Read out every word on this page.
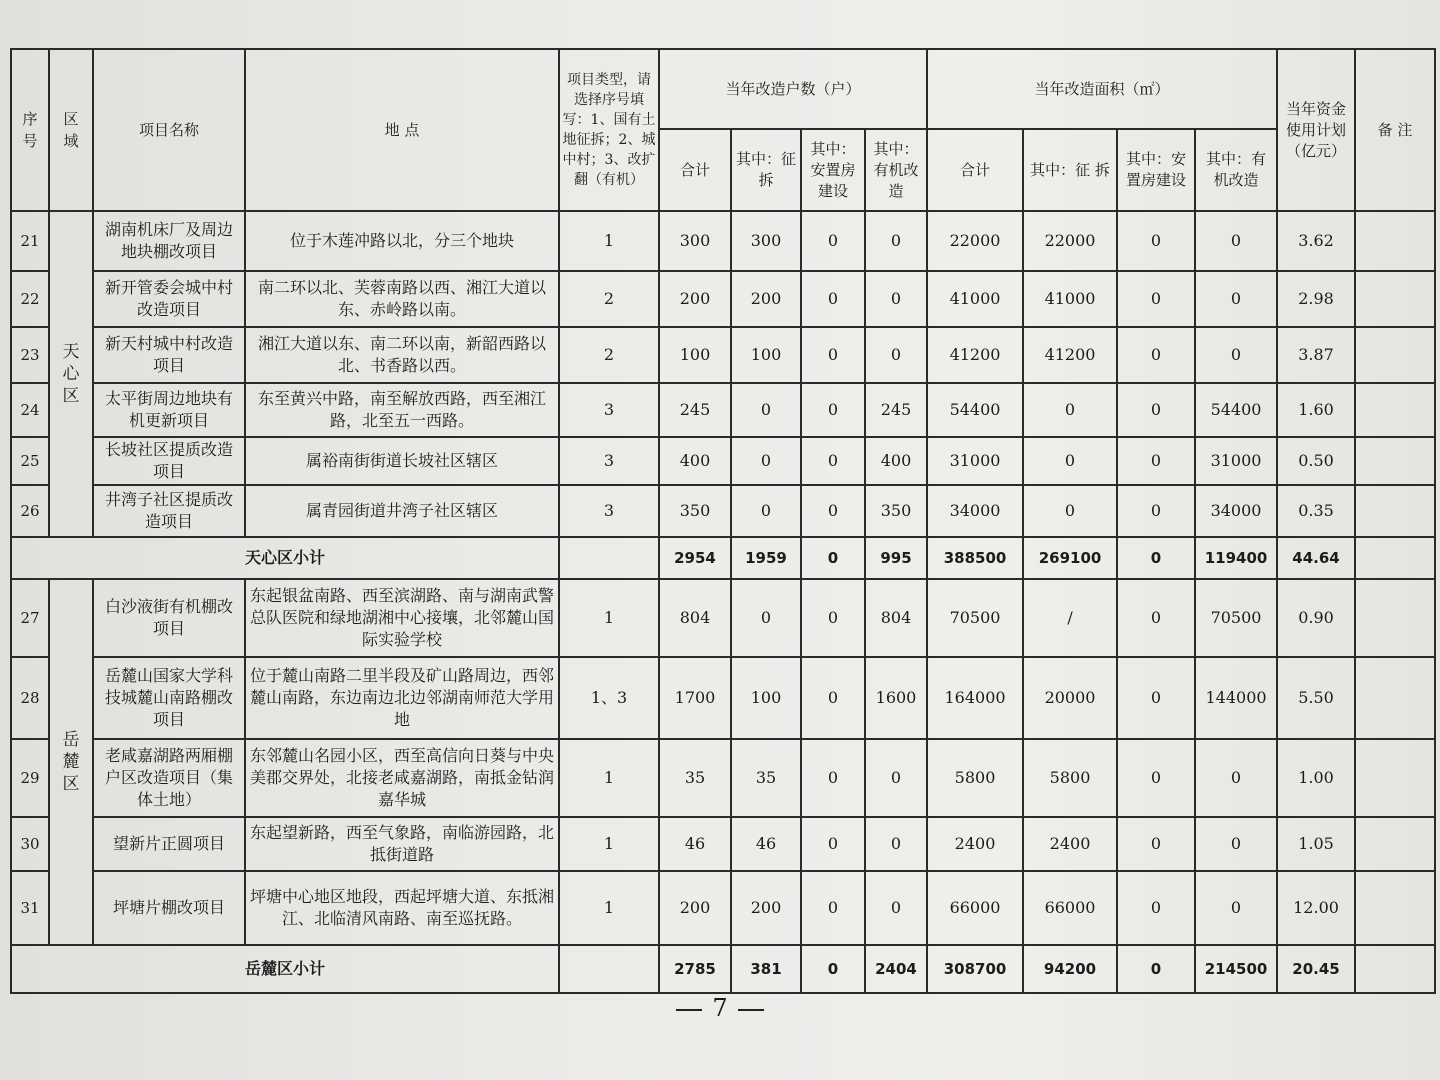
序号	区域	项目名称	地 点	项目类型，请选择序号填写：1、国有土地征拆；2、城中村；3、改扩翻（有机）	当年改造户数（户）				当年改造面积（㎡）				当年资金使用计划（亿元）	备 注
					合计	其中：征 拆	其中：安置房建设	其中：有机改造	合计	其中：征 拆	其中：安置房建设	其中：有机改造		
21	天心区	湖南机床厂及周边地块棚改项目	位于木莲冲路以北，分三个地块	1	300	300	0	0	22000	22000	0	0	3.62	
22		新开管委会城中村改造项目	南二环以北、芙蓉南路以西、湘江大道以东、赤岭路以南。	2	200	200	0	0	41000	41000	0	0	2.98	
23		新天村城中村改造项目	湘江大道以东、南二环以南，新韶西路以北、书香路以西。	2	100	100	0	0	41200	41200	0	0	3.87	
24		太平街周边地块有机更新项目	东至黄兴中路，南至解放西路，西至湘江路，北至五一西路。	3	245	0	0	245	54400	0	0	54400	1.60	
25		长坡社区提质改造项目	属裕南街街道长坡社区辖区	3	400	0	0	400	31000	0	0	31000	0.50	
26		井湾子社区提质改造项目	属青园街道井湾子社区辖区	3	350	0	0	350	34000	0	0	34000	0.35	
天心区小计					2954	1959	0	995	388500	269100	0	119400	44.64	
27	岳麓区	白沙液街有机棚改项目	东起银盆南路、西至滨湖路、南与湖南武警总队医院和绿地湖湘中心接壤，北邻麓山国际实验学校	1	804	0	0	804	70500	/	0	70500	0.90	
28		岳麓山国家大学科技城麓山南路棚改项目	位于麓山南路二里半段及矿山路周边，西邻麓山南路，东边南边北边邻湖南师范大学用地	1、3	1700	100	0	1600	164000	20000	0	144000	5.50	
29		老咸嘉湖路两厢棚户区改造项目（集体土地）	东邻麓山名园小区，西至高信向日葵与中央美郡交界处，北接老咸嘉湖路，南抵金钻润嘉华城	1	35	35	0	0	5800	5800	0	0	1.00	
30		望新片正圆项目	东起望新路，西至气象路，南临游园路，北抵街道路	1	46	46	0	0	2400	2400	0	0	1.05	
31		坪塘片棚改项目	坪塘中心地区地段，西起坪塘大道、东抵湘江、北临清风南路、南至巡抚路。	1	200	200	0	0	66000	66000	0	0	12.00	
岳麓区小计					2785	381	0	2404	308700	94200	0	214500	20.45	
7
